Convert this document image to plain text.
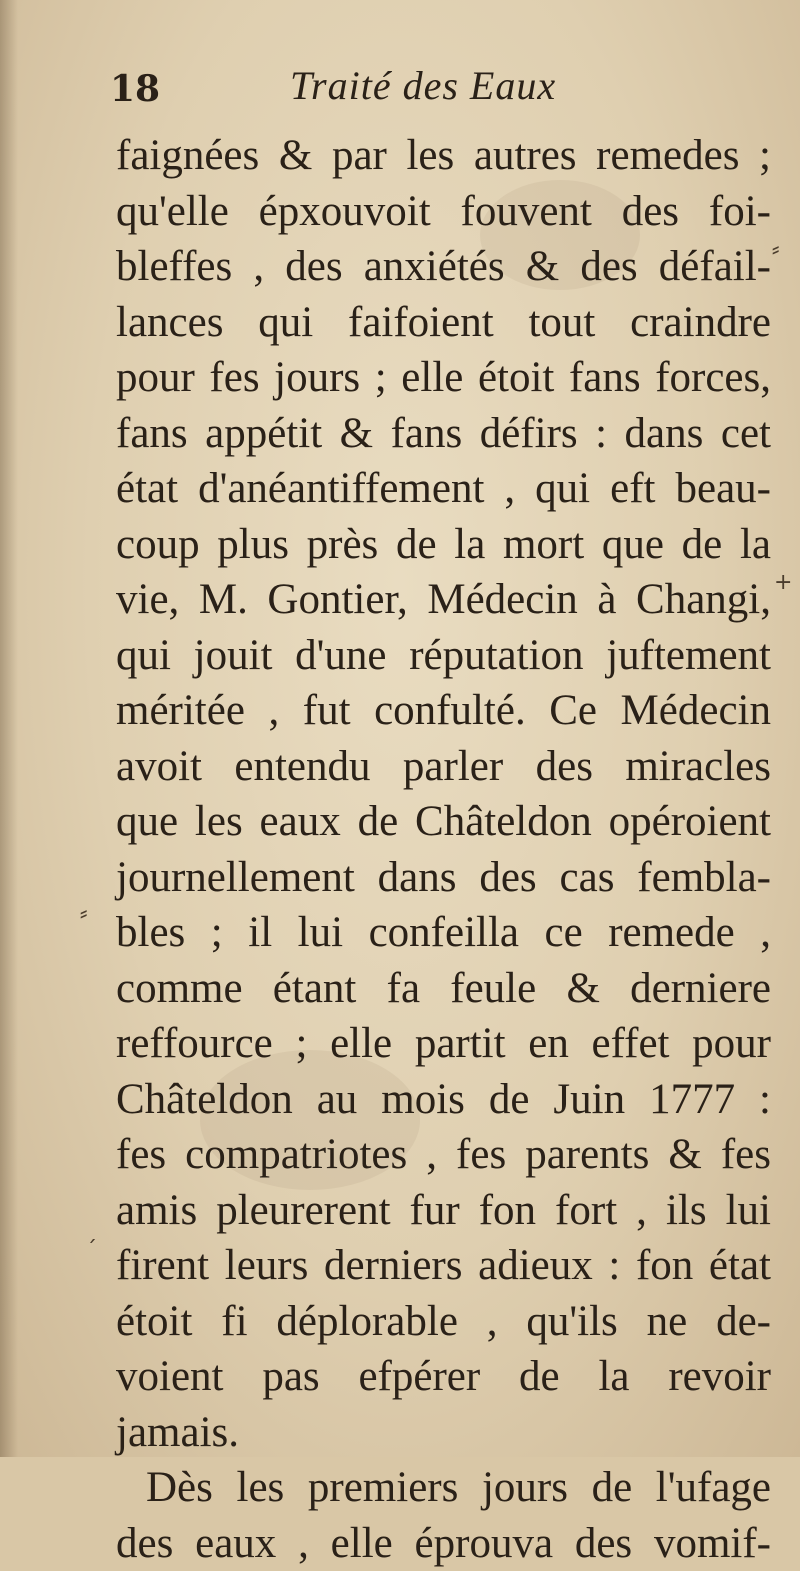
18	Traité des Eaux
faignées & par les autres remedes ;
qu'elle épxouvoit fouvent des foi-
bleffes , des anxiétés & des défail-
lances qui faifoient tout craindre
pour fes jours ; elle étoit fans forces,
fans appétit & fans défirs : dans cet
état d'anéantiffement , qui eft beau-
coup plus près de la mort que de la
vie, M. Gontier, Médecin à Changi,
qui jouit d'une réputation juftement
méritée , fut confulté. Ce Médecin
avoit entendu parler des miracles
que les eaux de Châteldon opéroient
journellement dans des cas fembla-
bles ; il lui confeilla ce remede ,
comme étant fa feule & derniere
reffource ; elle partit en effet pour
Châteldon au mois de Juin 1777 :
fes compatriotes , fes parents & fes
amis pleurerent fur fon fort , ils lui
firent leurs derniers adieux : fon état
étoit fi déplorable , qu'ils ne de-
voient pas efpérer de la revoir
jamais.
Dès les premiers jours de l'ufage
des eaux , elle éprouva des vomif-
⸗
+
⸗
ˊ
